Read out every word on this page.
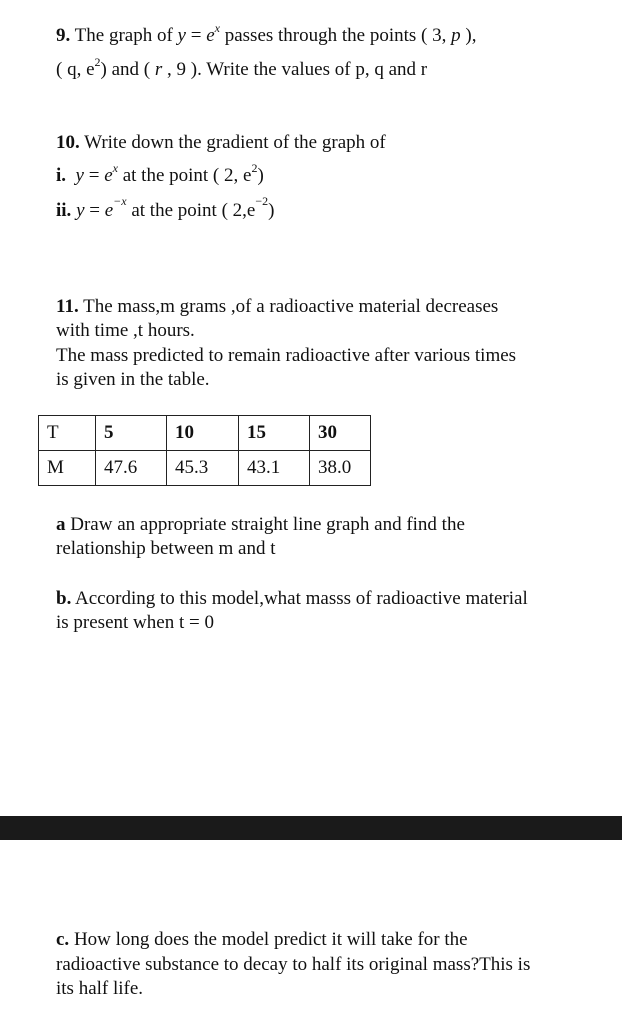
9. The graph of $y = e^x$ passes through the points ( 3, p ),

( q, $e^2$) and ( r , 9 ). Write the values of p, q and r

10. Write down the gradient of the graph of

i. $y = e^x$ at the point ( 2, $e^2$)

ii. $y = e^{-x}$ at the point ( $2,e^{-2}$)

11. The mass,m grams ,of a radioactive material decreases

with time ,t hours.

The mass predicted to remain radioactive after various times

is given in the table.

T	5	10	15	30
M	47.6	45.3	43.1	38.0

a Draw an appropriate straight line graph and find the

relationship between m and t

b. According to this model,what masss of radioactive material

is present when t = 0

c. How long does the model predict it will take for the

radioactive substance to decay to half its original mass?This is

its half life.
